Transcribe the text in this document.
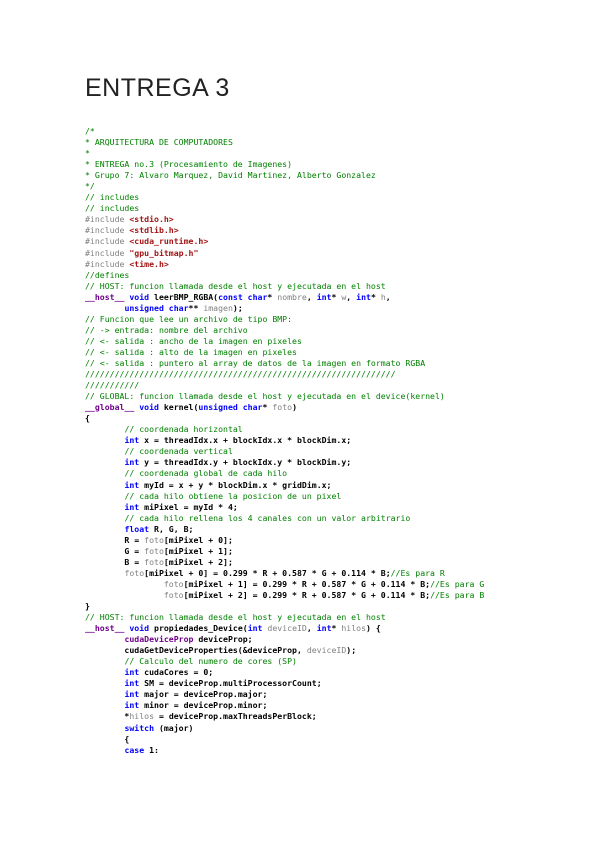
ENTREGA 3
/*
* ARQUITECTURA DE COMPUTADORES
*
* ENTREGA no.3 (Procesamiento de Imagenes)
* Grupo 7: Alvaro Marquez, David Martinez, Alberto Gonzalez
*/
// includes
// includes
#include <stdio.h>
#include <stdlib.h>
#include <cuda_runtime.h>
#include "gpu_bitmap.h"
#include <time.h>
//defines
// HOST: funcion llamada desde el host y ejecutada en el host
__host__ void leerBMP_RGBA(const char* nombre, int* w, int* h,
unsigned char** imagen);
// Funcion que lee un archivo de tipo BMP:
// -> entrada: nombre del archivo
// <- salida : ancho de la imagen en pixeles
// <- salida : alto de la imagen en pixeles
// <- salida : puntero al array de datos de la imagen en formato RGBA
///////////////////////////////////////////////////////////////
///////////
// GLOBAL: funcion llamada desde el host y ejecutada en el device(kernel)
__global__ void kernel(unsigned char* foto)
{
// coordenada horizontal
int x = threadIdx.x + blockIdx.x * blockDim.x;
// coordenada vertical
int y = threadIdx.y + blockIdx.y * blockDim.y;
// coordenada global de cada hilo
int myId = x + y * blockDim.x * gridDim.x;
// cada hilo obtiene la posicion de un pixel
int miPixel = myId * 4;
// cada hilo rellena los 4 canales con un valor arbitrario
float R, G, B;
R = foto[miPixel + 0];
G = foto[miPixel + 1];
B = foto[miPixel + 2];
foto[miPixel + 0] = 0.299 * R + 0.587 * G + 0.114 * B;//Es para R
foto[miPixel + 1] = 0.299 * R + 0.587 * G + 0.114 * B;//Es para G
foto[miPixel + 2] = 0.299 * R + 0.587 * G + 0.114 * B;//Es para B
}
// HOST: funcion llamada desde el host y ejecutada en el host
__host__ void propiedades_Device(int deviceID, int* hilos) {
cudaDeviceProp deviceProp;
cudaGetDeviceProperties(&deviceProp, deviceID);
// Calculo del numero de cores (SP)
int cudaCores = 0;
int SM = deviceProp.multiProcessorCount;
int major = deviceProp.major;
int minor = deviceProp.minor;
*hilos = deviceProp.maxThreadsPerBlock;
switch (major)
{
case 1:
